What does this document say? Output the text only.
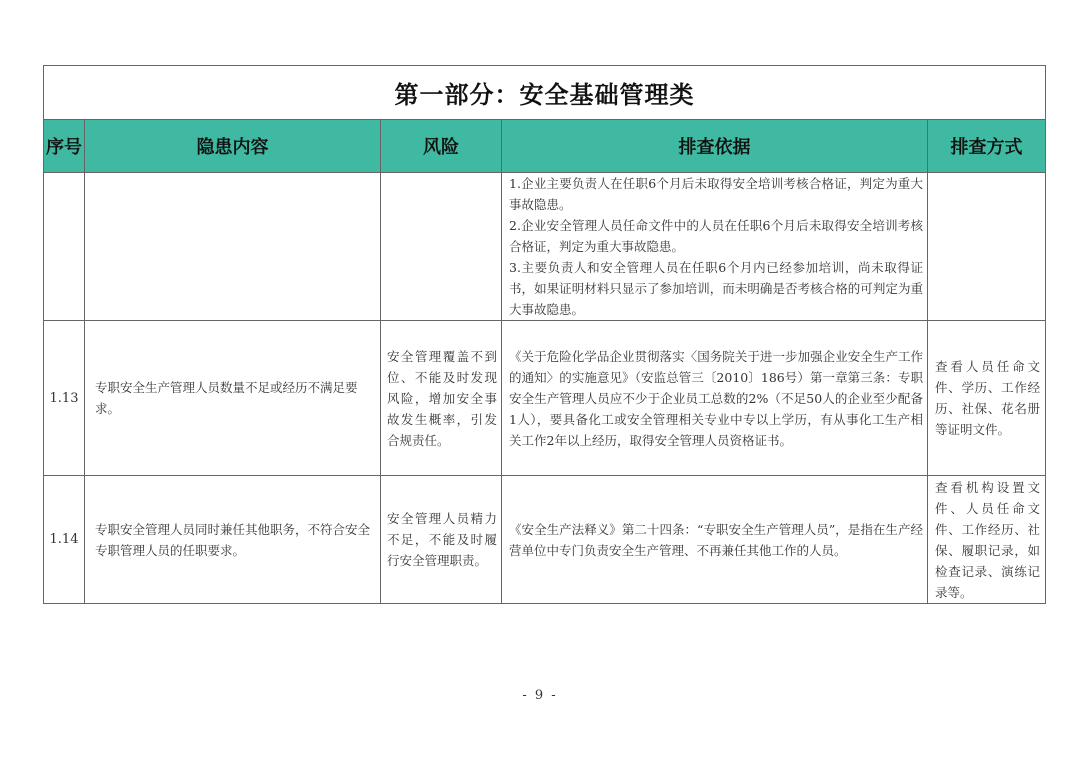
第一部分：安全基础管理类				
序号	隐患内容	风险	排查依据	排查方式

			1.企业主要负责人在任职6个月后未取得安全培训考核合格证，判定为重大事故隐患。
2.企业安全管理人员任命文件中的人员在任职6个月后未取得安全培训考核合格证，判定为重大事故隐患。
3.主要负责人和安全管理人员在任职6个月内已经参加培训，尚未取得证书，如果证明材料只显示了参加培训，而未明确是否考核合格的可判定为重大事故隐患。	

1.13	专职安全生产管理人员数量不足或经历不满足要求。	安全管理覆盖不到位、不能及时发现风险，增加安全事故发生概率，引发合规责任。	《关于危险化学品企业贯彻落实〈国务院关于进一步加强企业安全生产工作的通知〉的实施意见》（安监总管三〔2010〕186号）第一章第三条：专职安全生产管理人员应不少于企业员工总数的2%（不足50人的企业至少配备1人），要具备化工或安全管理相关专业中专以上学历，有从事化工生产相关工作2年以上经历，取得安全管理人员资格证书。	查看人员任命文件、学历、工作经历、社保、花名册等证明文件。
1.14	专职安全管理人员同时兼任其他职务，不符合安全专职管理人员的任职要求。	安全管理人员精力不足，不能及时履行安全管理职责。	《安全生产法释义》第二十四条：“专职安全生产管理人员”，是指在生产经营单位中专门负责安全生产管理、不再兼任其他工作的人员。	查看机构设置文件、人员任命文件、工作经历、社保、履职记录，如检查记录、演练记录等。
- 9 -
